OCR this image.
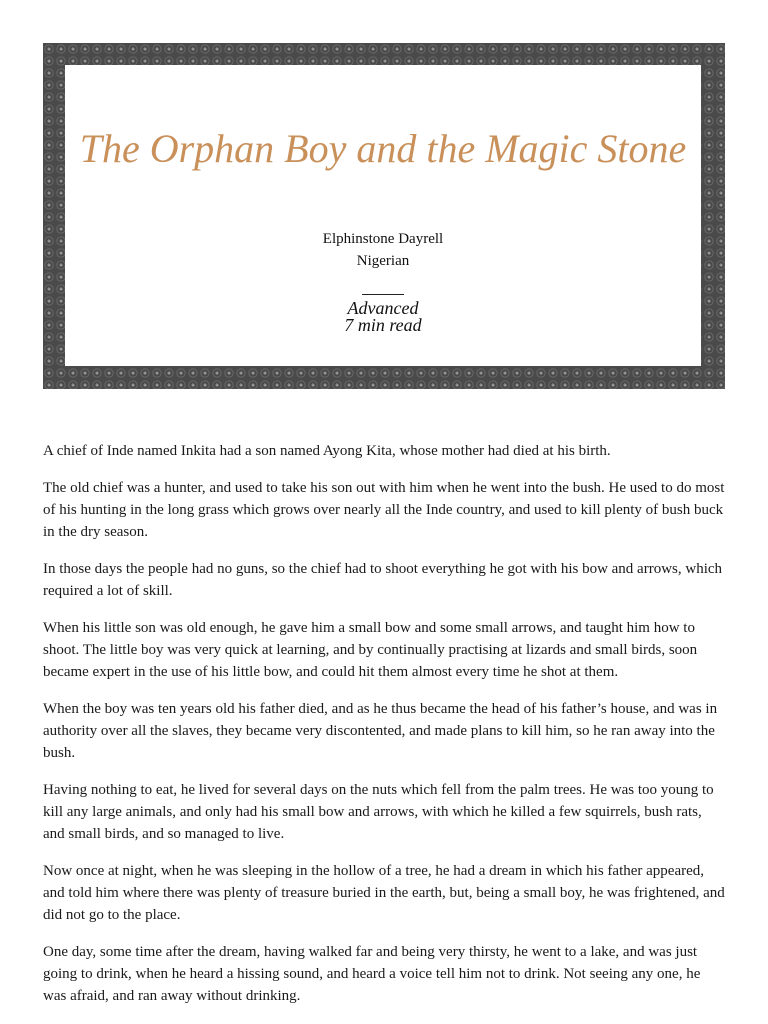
The Orphan Boy and the Magic Stone
Elphinstone Dayrell
Nigerian
Advanced
7 min read

A chief of Inde named Inkita had a son named Ayong Kita, whose mother had died at his birth.

The old chief was a hunter, and used to take his son out with him when he went into the bush. He used to do most of his hunting in the long grass which grows over nearly all the Inde country, and used to kill plenty of bush buck in the dry season.

In those days the people had no guns, so the chief had to shoot everything he got with his bow and arrows, which required a lot of skill.

When his little son was old enough, he gave him a small bow and some small arrows, and taught him how to shoot. The little boy was very quick at learning, and by continually practising at lizards and small birds, soon became expert in the use of his little bow, and could hit them almost every time he shot at them.

When the boy was ten years old his father died, and as he thus became the head of his father’s house, and was in authority over all the slaves, they became very discontented, and made plans to kill him, so he ran away into the bush.

Having nothing to eat, he lived for several days on the nuts which fell from the palm trees. He was too young to kill any large animals, and only had his small bow and arrows, with which he killed a few squirrels, bush rats, and small birds, and so managed to live.

Now once at night, when he was sleeping in the hollow of a tree, he had a dream in which his father appeared, and told him where there was plenty of treasure buried in the earth, but, being a small boy, he was frightened, and did not go to the place.

One day, some time after the dream, having walked far and being very thirsty, he went to a lake, and was just going to drink, when he heard a hissing sound, and heard a voice tell him not to drink. Not seeing any one, he was afraid, and ran away without drinking.
